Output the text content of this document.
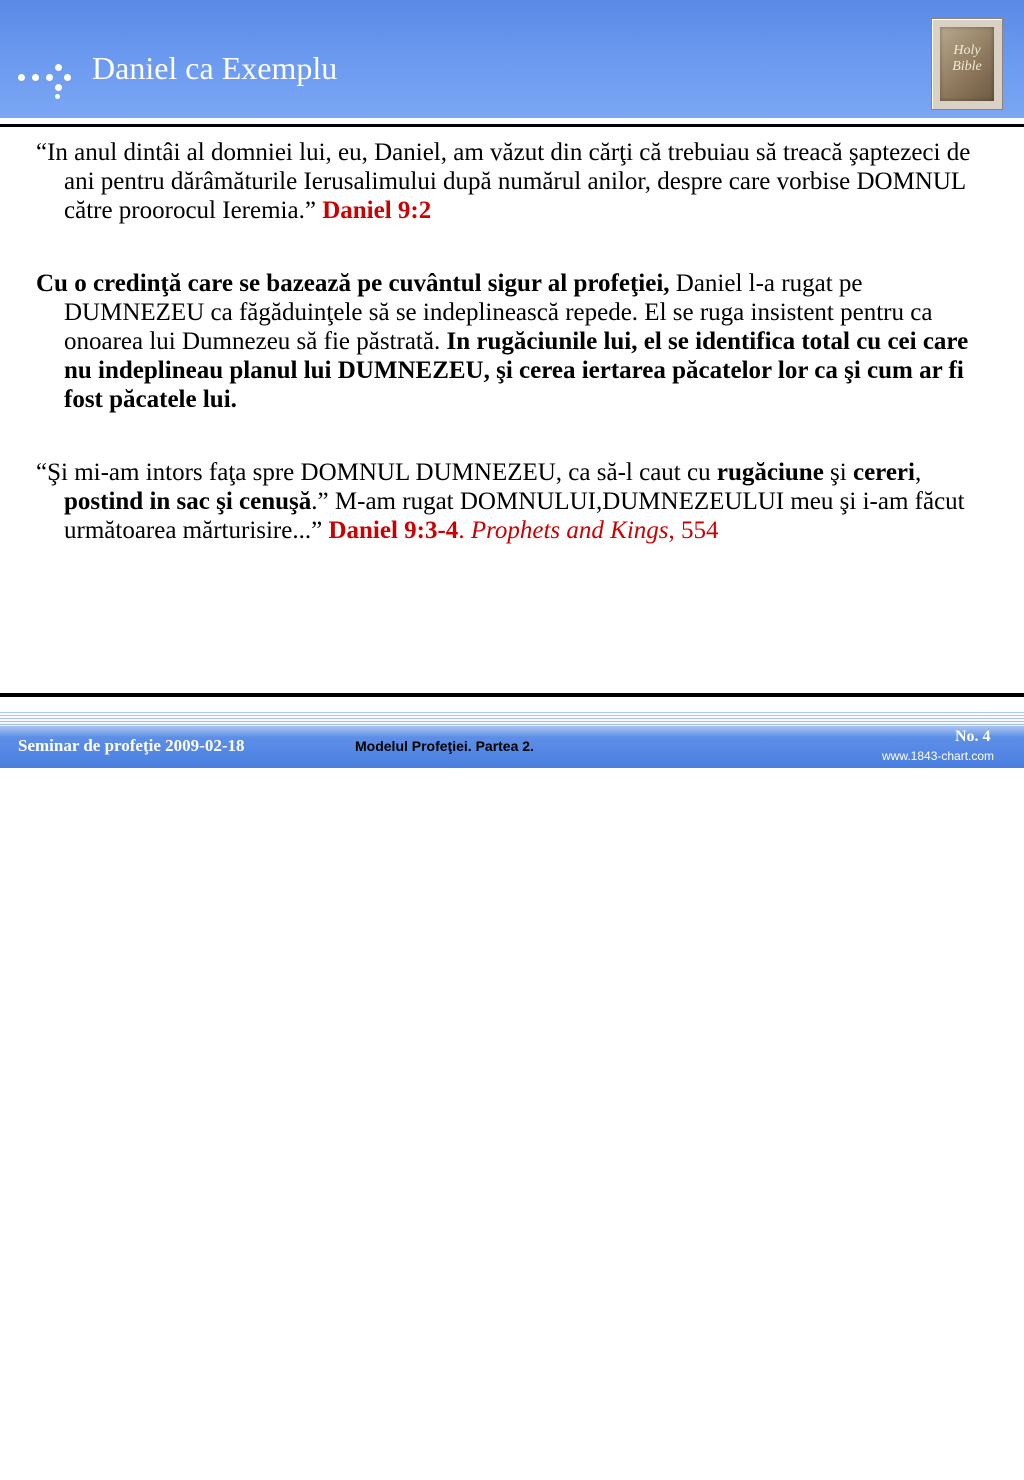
Daniel ca Exemplu	Holy Bible

“In anul dintâi al domniei lui, eu, Daniel, am văzut din cărţi că trebuiau să treacă şaptezeci de ani pentru dărâmăturile Ierusalimului după numărul anilor, despre care vorbise DOMNUL către proorocul Ieremia.” Daniel 9:2

Cu o credinţă care se bazează pe cuvântul sigur al profeţiei, Daniel l-a rugat pe DUMNEZEU ca făgăduinţele să se indeplinească repede. El se ruga insistent pentru ca onoarea lui Dumnezeu să fie păstrată. In rugăciunile lui, el se identifica total cu cei care nu indeplineau planul lui DUMNEZEU, şi cerea iertarea păcatelor lor ca şi cum ar fi fost păcatele lui.

“Şi mi-am intors faţa spre DOMNUL DUMNEZEU, ca să-l caut cu rugăciune şi cereri, postind in sac şi cenuşă.” M-am rugat DOMNULUI,DUMNEZEULUI meu şi i-am făcut următoarea mărturisire...” Daniel 9:3-4. Prophets and Kings, 554

Seminar de profeţie 2009-02-18	Modelul Profeţiei. Partea 2.
No. 4
www.1843-chart.com
